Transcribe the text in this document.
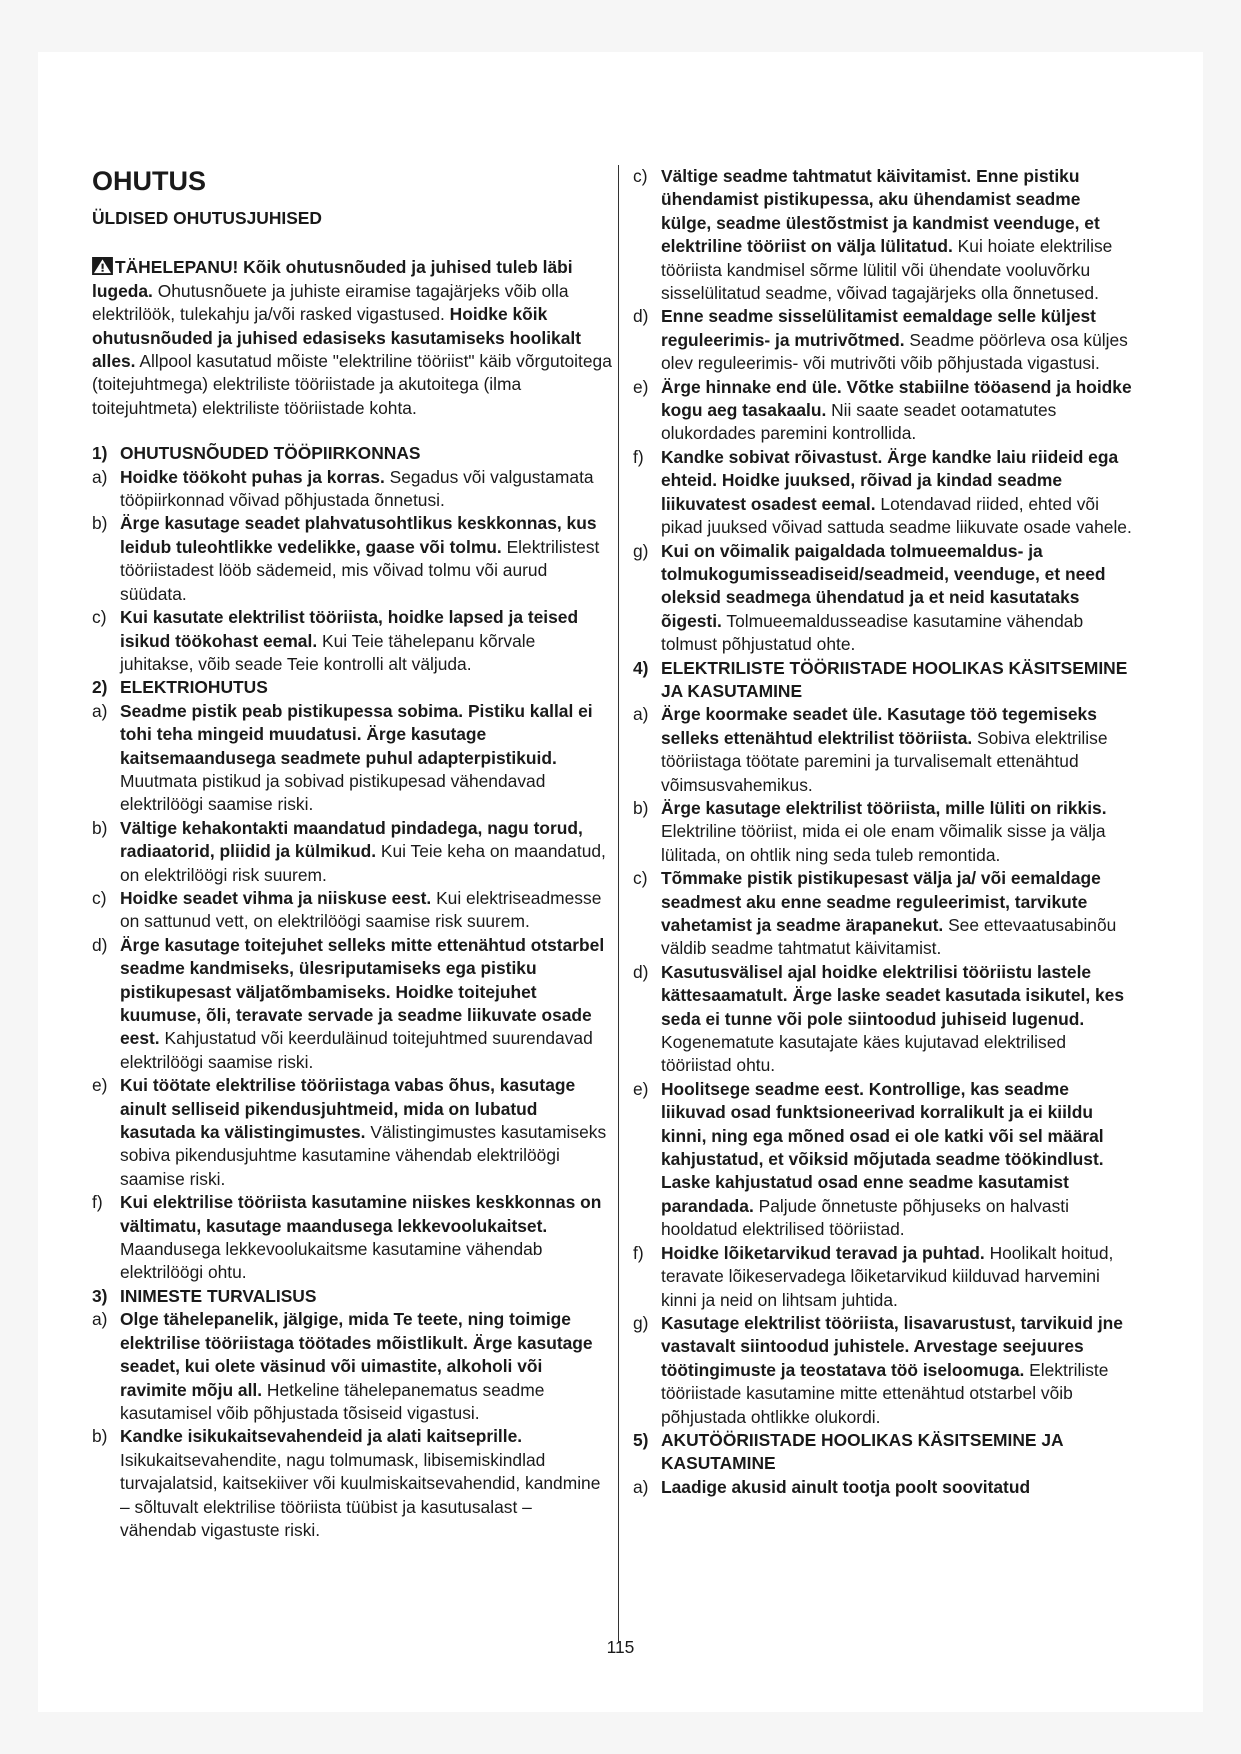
OHUTUS
ÜLDISED OHUTUSJUHISED

TÄHELEPANU! Kõik ohutusnõuded ja juhised tuleb läbi lugeda. Ohutusnõuete ja juhiste eiramise tagajärjeks võib olla elektrilöök, tulekahju ja/või rasked vigastused. Hoidke kõik ohutusnõuded ja juhised edasiseks kasutamiseks hoolikalt alles. Allpool kasutatud mõiste "elektriline tööriist" käib võrgutoitega (toitejuhtmega) elektriliste tööriistade ja akutoitega (ilma toitejuhtmeta) elektriliste tööriistade kohta.

1) OHUTUSNÕUDED TÖÖPIIRKONNAS
a) Hoidke töökoht puhas ja korras. Segadus või valgustamata tööpiirkonnad võivad põhjustada õnnetusi.
b) Ärge kasutage seadet plahvatusohtlikus keskkonnas, kus leidub tuleohtlikke vedelikke, gaase või tolmu. Elektrilistest tööriistadest lööb sädemeid, mis võivad tolmu või aurud süüdata.
c) Kui kasutate elektrilist tööriista, hoidke lapsed ja teised isikud töökohast eemal. Kui Teie tähelepanu kõrvale juhitakse, võib seade Teie kontrolli alt väljuda.
2) ELEKTRIOHUTUS
a) Seadme pistik peab pistikupessa sobima. Pistiku kallal ei tohi teha mingeid muudatusi. Ärge kasutage kaitsemaandusega seadmete puhul adapterpistikuid. Muutmata pistikud ja sobivad pistikupesad vähendavad elektrilöögi saamise riski.
b) Vältige kehakontakti maandatud pindadega, nagu torud, radiaatorid, pliidid ja külmikud. Kui Teie keha on maandatud, on elektrilöögi risk suurem.
c) Hoidke seadet vihma ja niiskuse eest. Kui elektriseadmesse on sattunud vett, on elektrilöögi saamise risk suurem.
d) Ärge kasutage toitejuhet selleks mitte ettenähtud otstarbel seadme kandmiseks, ülesriputamiseks ega pistiku pistikupesast väljatõmbamiseks. Hoidke toitejuhet kuumuse, õli, teravate servade ja seadme liikuvate osade eest. Kahjustatud või keerduläinud toitejuhtmed suurendavad elektrilöögi saamise riski.
e) Kui töötate elektrilise tööriistaga vabas õhus, kasutage ainult selliseid pikendusjuhtmeid, mida on lubatud kasutada ka välistingimustes. Välistingimustes kasutamiseks sobiva pikendusjuhtme kasutamine vähendab elektrilöögi saamise riski.
f) Kui elektrilise tööriista kasutamine niiskes keskkonnas on vältimatu, kasutage maandusega lekkevoolukaitset. Maandusega lekkevoolukaitsme kasutamine vähendab elektrilöögi ohtu.
3) INIMESTE TURVALISUS
a) Olge tähelepanelik, jälgige, mida Te teete, ning toimige elektrilise tööriistaga töötades mõistlikult. Ärge kasutage seadet, kui olete väsinud või uimastite, alkoholi või ravimite mõju all. Hetkeline tähelepanematus seadme kasutamisel võib põhjustada tõsiseid vigastusi.
b) Kandke isikukaitsevahendeid ja alati kaitseprille. Isikukaitsevahendite, nagu tolmumask, libisemiskindlad turvajalatsid, kaitsekiiver või kuulmiskaitsevahendid, kandmine – sõltuvalt elektrilise tööriista tüübist ja kasutusalast – vähendab vigastuste riski.
c) Vältige seadme tahtmatut käivitamist. Enne pistiku ühendamist pistikupessa, aku ühendamist seadme külge, seadme ülestõstmist ja kandmist veenduge, et elektriline tööriist on välja lülitatud. Kui hoiate elektrilise tööriista kandmisel sõrme lülitil või ühendate vooluvõrku sisselülitatud seadme, võivad tagajärjeks olla õnnetused.
d) Enne seadme sisselülitamist eemaldage selle küljest reguleerimis- ja mutrivõtmed. Seadme pöörleva osa küljes olev reguleerimis- või mutrivõti võib põhjustada vigastusi.
e) Ärge hinnake end üle. Võtke stabiilne tööasend ja hoidke kogu aeg tasakaalu. Nii saate seadet ootamatutes olukordades paremini kontrollida.
f) Kandke sobivat rõivastust. Ärge kandke laiu riideid ega ehteid. Hoidke juuksed, rõivad ja kindad seadme liikuvatest osadest eemal. Lotendavad riided, ehted või pikad juuksed võivad sattuda seadme liikuvate osade vahele.
g) Kui on võimalik paigaldada tolmueemaldus- ja tolmukogumisseadiseid/seadmeid, veenduge, et need oleksid seadmega ühendatud ja et neid kasutataks õigesti. Tolmueemaldusseadise kasutamine vähendab tolmust põhjustatud ohte.
4) ELEKTRILISTE TÖÖRIISTADE HOOLIKAS KÄSITSEMINE JA KASUTAMINE
a) Ärge koormake seadet üle. Kasutage töö tegemiseks selleks ettenähtud elektrilist tööriista. Sobiva elektrilise tööriistaga töötate paremini ja turvalisemalt ettenähtud võimsusvahemikus.
b) Ärge kasutage elektrilist tööriista, mille lüliti on rikkis. Elektriline tööriist, mida ei ole enam võimalik sisse ja välja lülitada, on ohtlik ning seda tuleb remontida.
c) Tõmmake pistik pistikupesast välja ja/ või eemaldage seadmest aku enne seadme reguleerimist, tarvikute vahetamist ja seadme ärapanekut. See ettevaatusabinõu väldib seadme tahtmatut käivitamist.
d) Kasutusvälisel ajal hoidke elektrilisi tööriistu lastele kättesaamatult. Ärge laske seadet kasutada isikutel, kes seda ei tunne või pole siintoodud juhiseid lugenud. Kogenematute kasutajate käes kujutavad elektrilised tööriistad ohtu.
e) Hoolitsege seadme eest. Kontrollige, kas seadme liikuvad osad funktsioneerivad korralikult ja ei kiildu kinni, ning ega mõned osad ei ole katki või sel määral kahjustatud, et võiksid mõjutada seadme töökindlust. Laske kahjustatud osad enne seadme kasutamist parandada. Paljude õnnetuste põhjuseks on halvasti hooldatud elektrilised tööriistad.
f) Hoidke lõiketarvikud teravad ja puhtad. Hoolikalt hoitud, teravate lõikeservadega lõiketarvikud kiilduvad harvemini kinni ja neid on lihtsam juhtida.
g) Kasutage elektrilist tööriista, lisavarustust, tarvikuid jne vastavalt siintoodud juhistele. Arvestage seejuures töötingimuste ja teostatava töö iseloomuga. Elektriliste tööriistade kasutamine mitte ettenähtud otstarbel võib põhjustada ohtlikke olukordi.
5) AKUTÖÖRIISTADE HOOLIKAS KÄSITSEMINE JA KASUTAMINE
a) Laadige akusid ainult tootja poolt soovitatud
115
